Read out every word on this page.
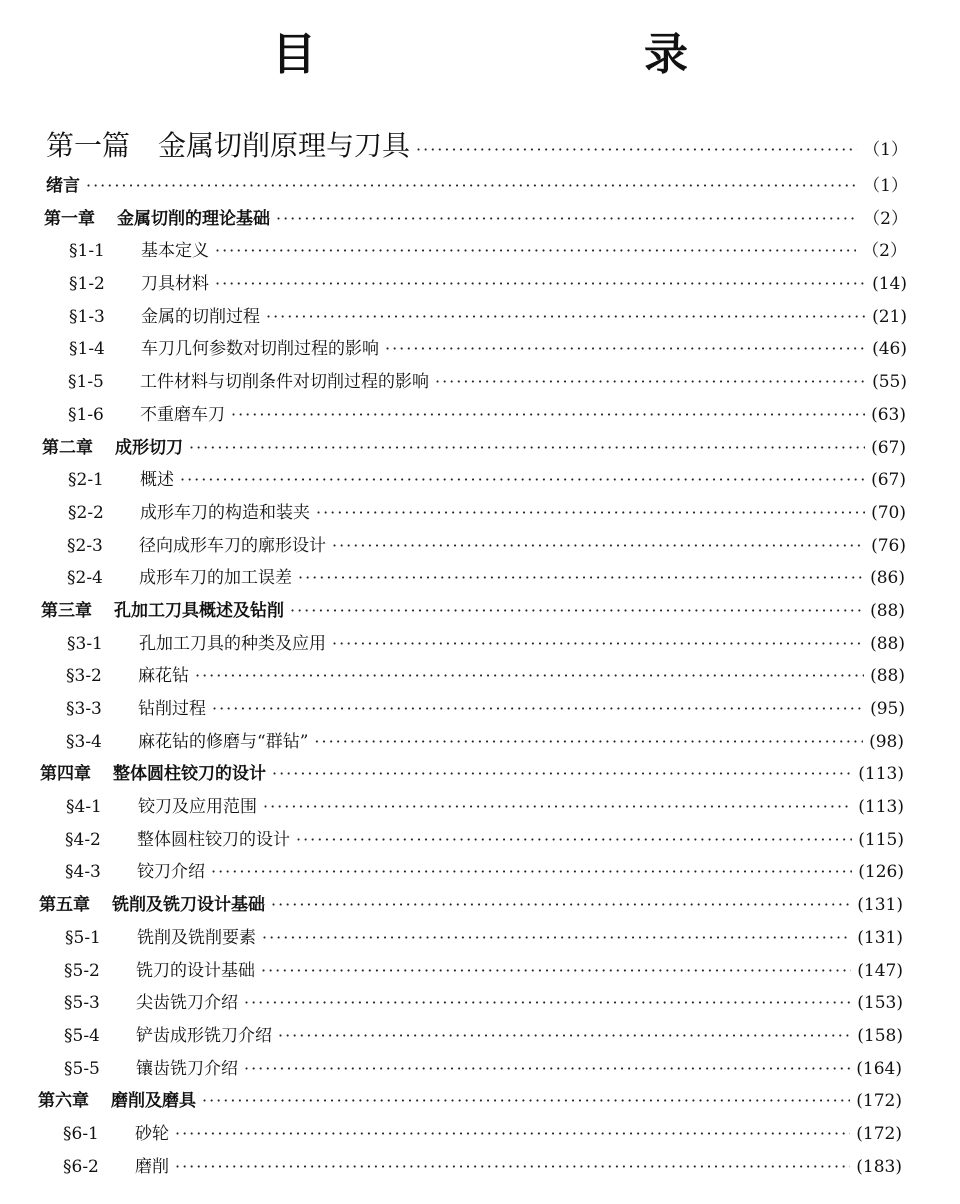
目　　录
第一篇 金属切削原理与刀具 ·····	（1）
绪言 ·····	（1）
第一章 金属切削的理论基础 ·····	（2）
§1-1 基本定义 ·····	（2）
§1-2 刀具材料 ·····	(14)
§1-3 金属的切削过程 ·····	(21)
§1-4 车刀几何参数对切削过程的影响 ·····	(46)
§1-5 工件材料与切削条件对切削过程的影响 ·····	(55)
§1-6 不重磨车刀 ·····	(63)
第二章 成形切刀 ·····	(67)
§2-1 概述 ·····	(67)
§2-2 成形车刀的构造和装夹 ·····	(70)
§2-3 径向成形车刀的廓形设计 ·····	(76)
§2-4 成形车刀的加工误差 ·····	(86)
第三章 孔加工刀具概述及钻削 ·····	(88)
§3-1 孔加工刀具的种类及应用 ·····	(88)
§3-2 麻花钻 ·····	(88)
§3-3 钻削过程 ·····	(95)
§3-4 麻花钻的修磨与“群钻” ·····	(98)
第四章 整体圆柱铰刀的设计 ·····	(113)
§4-1 铰刀及应用范围 ·····	(113)
§4-2 整体圆柱铰刀的设计 ·····	(115)
§4-3 铰刀介绍 ·····	(126)
第五章 铣削及铣刀设计基础 ·····	(131)
§5-1 铣削及铣削要素 ·····	(131)
§5-2 铣刀的设计基础 ·····	(147)
§5-3 尖齿铣刀介绍 ·····	(153)
§5-4 铲齿成形铣刀介绍 ·····	(158)
§5-5 镶齿铣刀介绍 ·····	(164)
第六章 磨削及磨具 ·····	(172)
§6-1 砂轮 ·····	(172)
§6-2 磨削 ·····	(183)
